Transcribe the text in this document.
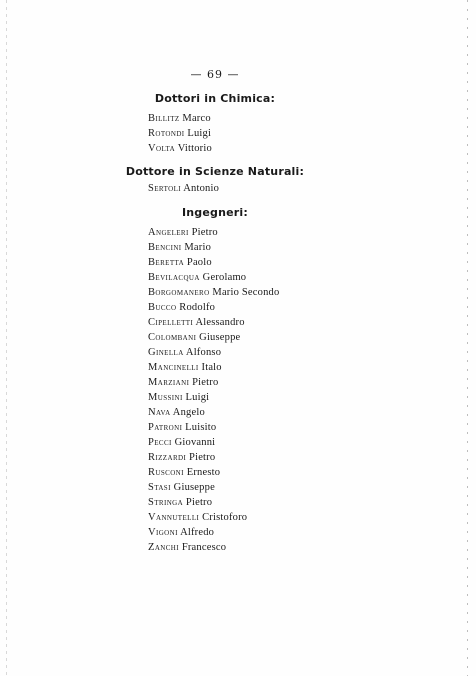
— 69 —
Dottori in Chimica:
Billitz Marco
Rotondi Luigi
Volta Vittorio
Dottore in Scienze Naturali:
Sertoli Antonio
Ingegneri:
Angeleri Pietro
Bencini Mario
Beretta Paolo
Bevilacqua Gerolamo
Borgomanero Mario Secondo
Bucco Rodolfo
Cipelletti Alessandro
Colombani Giuseppe
Ginella Alfonso
Mancinelli Italo
Marziani Pietro
Mussini Luigi
Nava Angelo
Patroni Luisito
Pecci Giovanni
Rizzardi Pietro
Rusconi Ernesto
Stasi Giuseppe
Stringa Pietro
Vannutelli Cristoforo
Vigoni Alfredo
Zanchi Francesco
